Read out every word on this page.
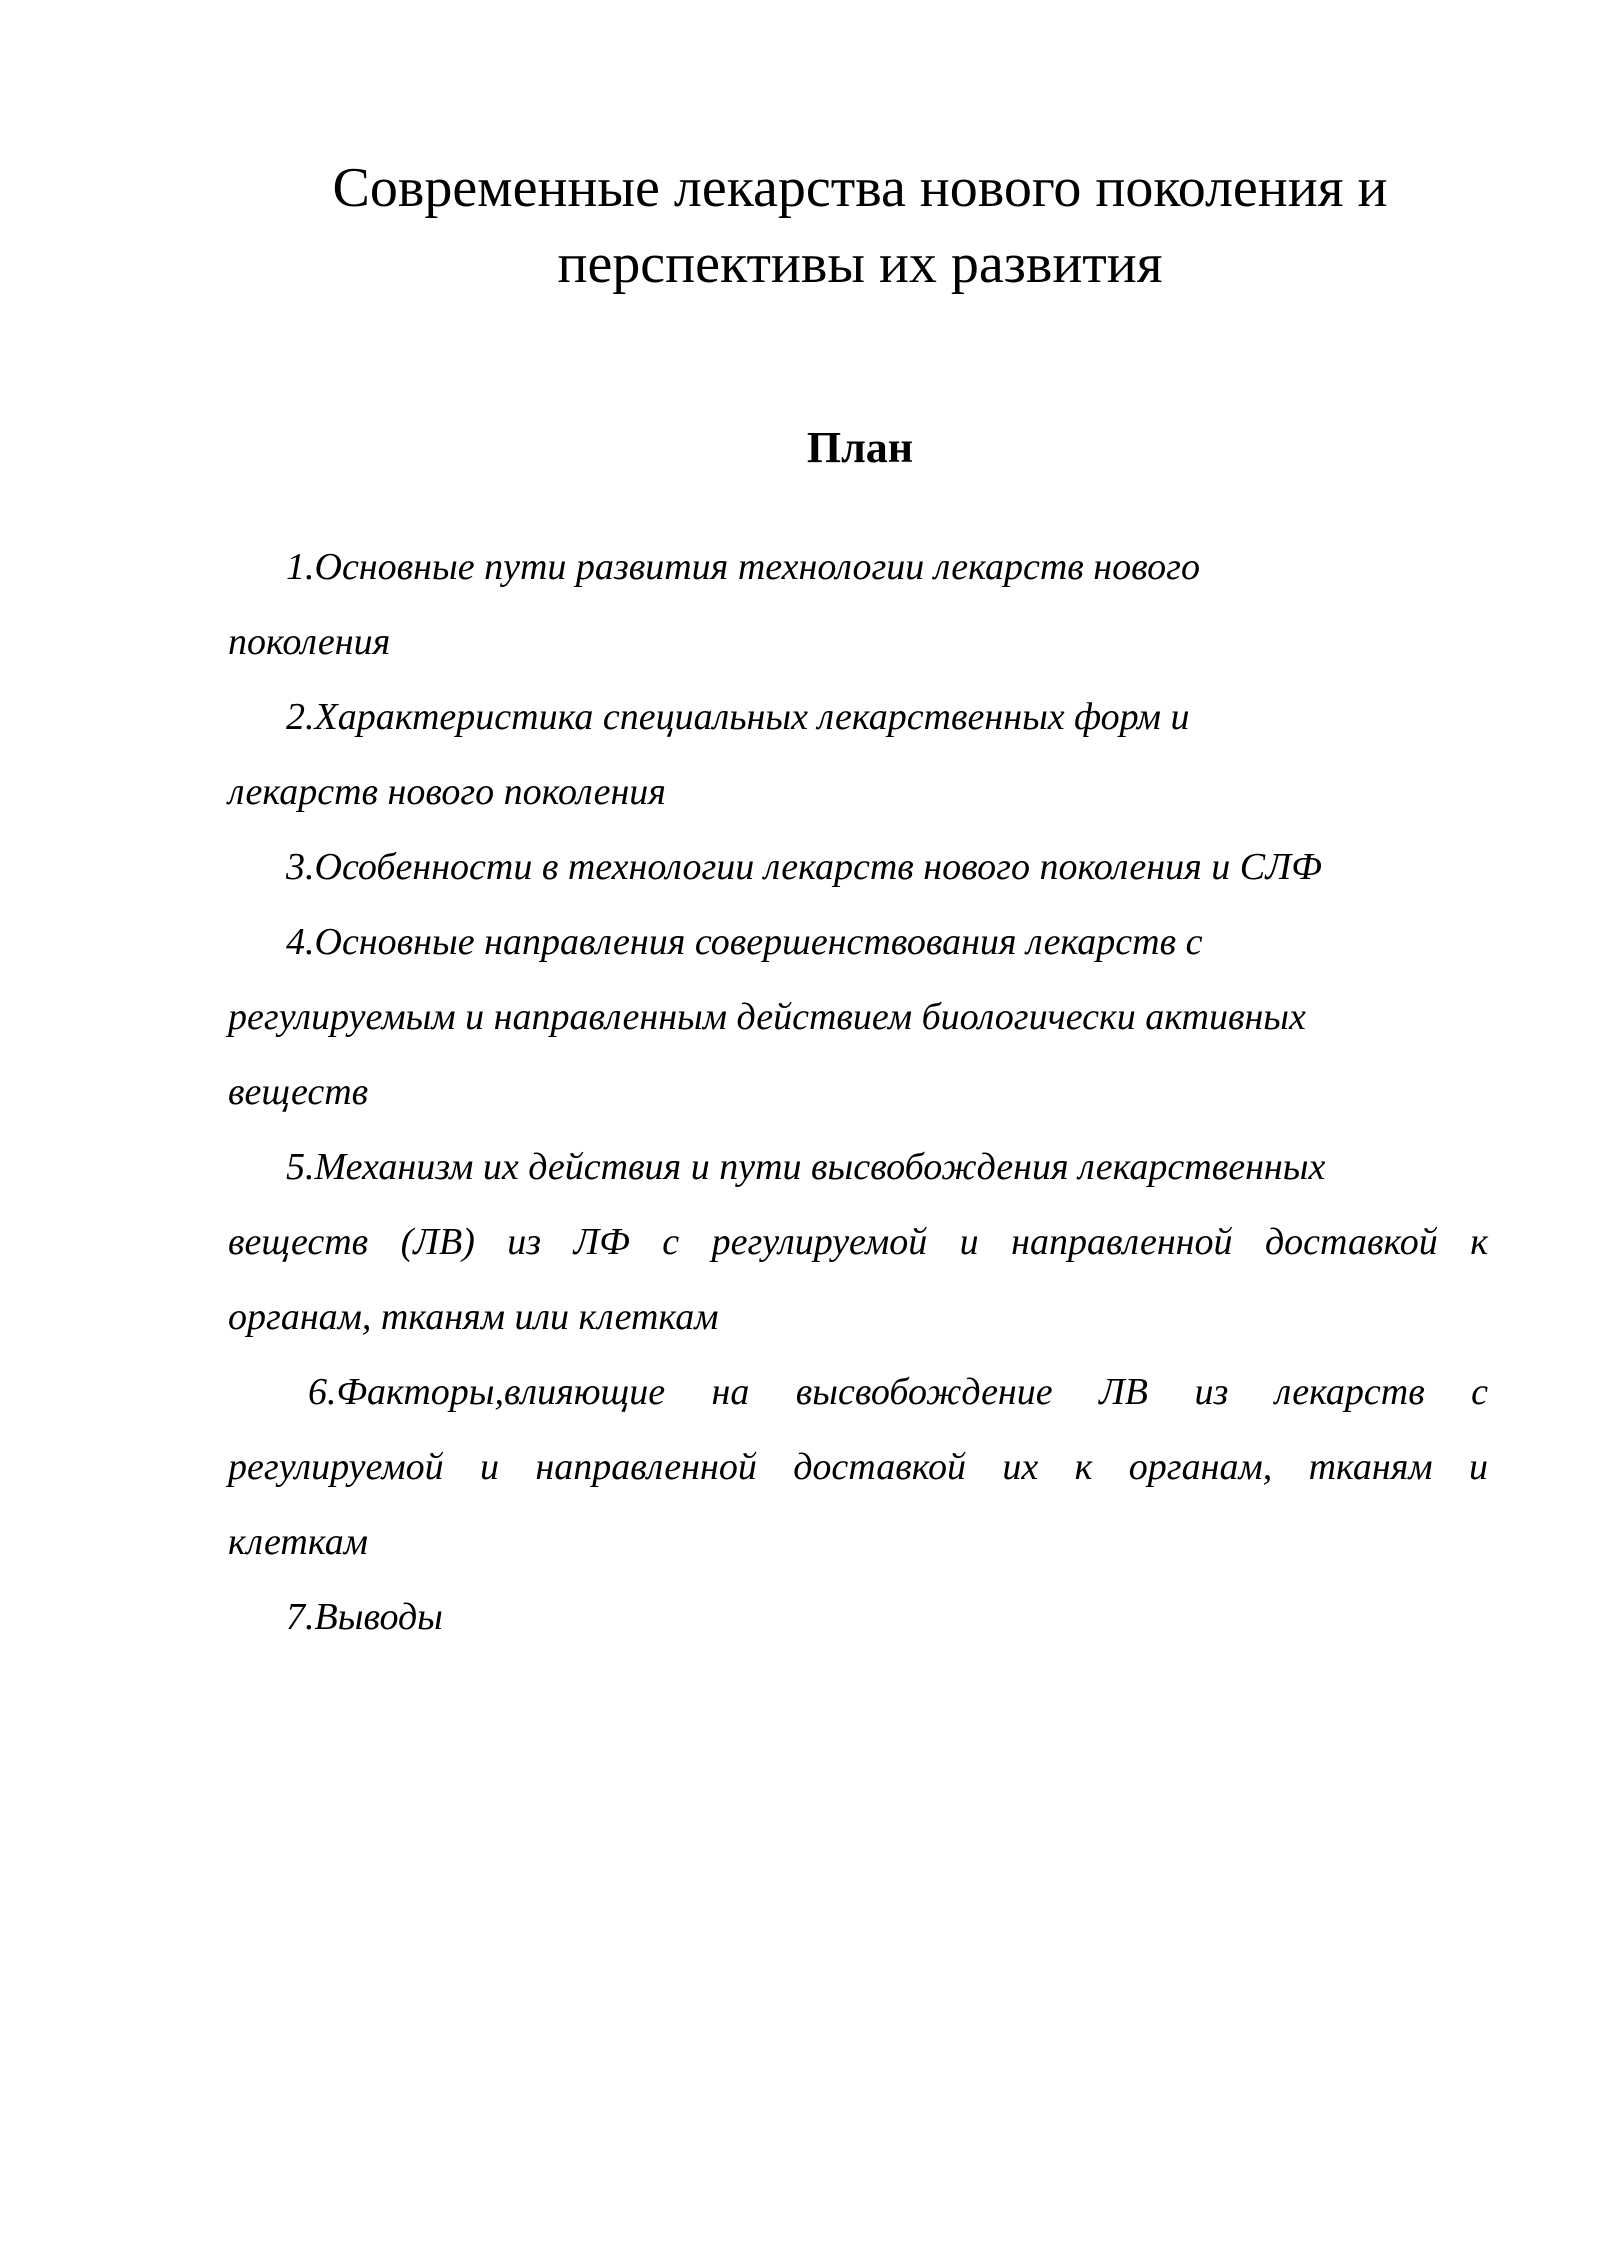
Современные лекарства нового поколения и
перспективы их развития
План
1.Основные пути развития технологии лекарств нового
поколения
2.Характеристика специальных лекарственных форм и
лекарств нового поколения
3.Особенности в технологии лекарств нового поколения и СЛФ
4.Основные направления совершенствования лекарств с
регулируемым и направленным действием биологически активных
веществ
5.Механизм их действия и пути высвобождения лекарственных
веществ (ЛВ) из ЛФ с регулируемой и направленной доставкой к
органам, тканям или клеткам
6.Факторы,влияющие на высвобождение ЛВ из лекарств с
регулируемой и направленной доставкой их к органам, тканям и
клеткам
7.Выводы
